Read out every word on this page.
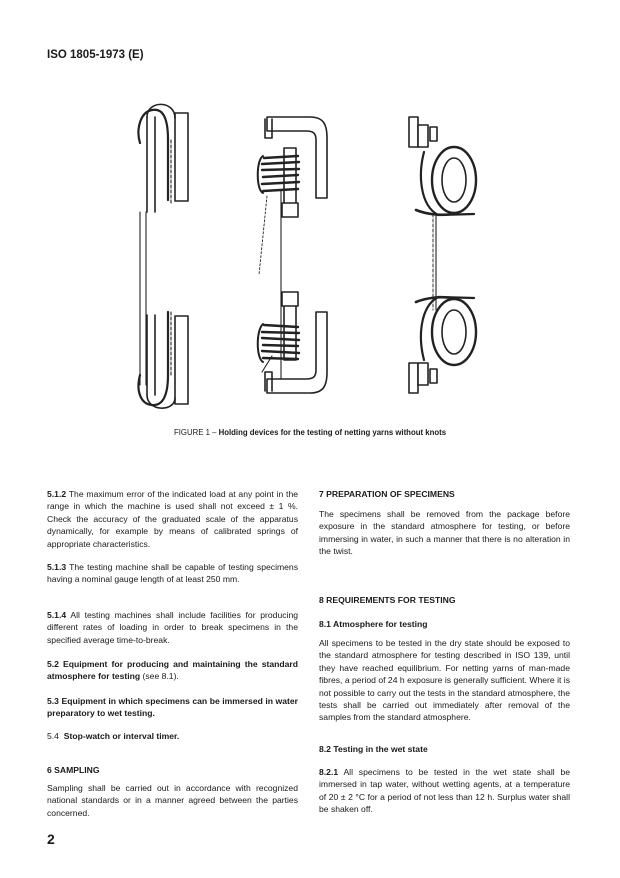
ISO 1805-1973 (E)
FIGURE 1 – Holding devices for the testing of netting yarns without knots

5.1.2 The maximum error of the indicated load at any point in the range in which the machine is used shall not exceed ± 1 %. Check the accuracy of the graduated scale of the apparatus dynamically, for example by means of calibrated springs of appropriate characteristics.

5.1.3 The testing machine shall be capable of testing specimens having a nominal gauge length of at least 250 mm.

5.1.4 All testing machines shall include facilities for producing different rates of loading in order to break specimens in the specified average time-to-break.

5.2 Equipment for producing and maintaining the standard atmosphere for testing (see 8.1).

5.3 Equipment in which specimens can be immersed in water preparatory to wet testing.

5.4 Stop-watch or interval timer.

6 SAMPLING

Sampling shall be carried out in accordance with recognized national standards or in a manner agreed between the parties concerned.

7 PREPARATION OF SPECIMENS

The specimens shall be removed from the package before exposure in the standard atmosphere for testing, or before immersing in water, in such a manner that there is no alteration in the twist.

8 REQUIREMENTS FOR TESTING
8.1 Atmosphere for testing

All specimens to be tested in the dry state should be exposed to the standard atmosphere for testing described in ISO 139, until they have reached equilibrium. For netting yarns of man-made fibres, a period of 24 h exposure is generally sufficient. Where it is not possible to carry out the tests in the standard atmosphere, the tests shall be carried out immediately after removal of the samples from the standard atmosphere.

8.2 Testing in the wet state

8.2.1 All specimens to be tested in the wet state shall be immersed in tap water, without wetting agents, at a temperature of 20 ± 2 °C for a period of not less than 12 h. Surplus water shall be shaken off.

2
